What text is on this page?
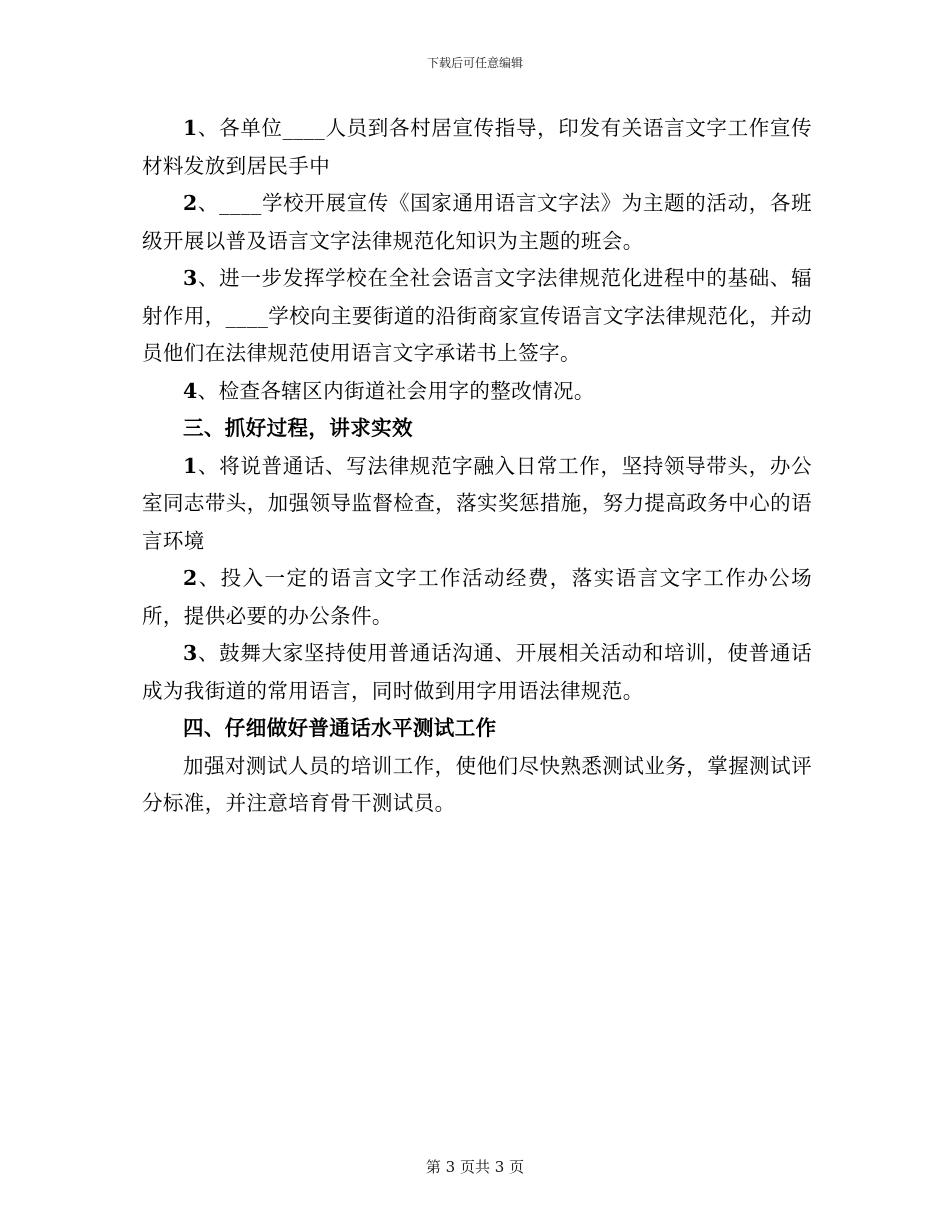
下载后可任意编辑

1、各单位____人员到各村居宣传指导，印发有关语言文字工作宣传材料发放到居民手中

2、____学校开展宣传《国家通用语言文字法》为主题的活动，各班级开展以普及语言文字法律规范化知识为主题的班会。

3、进一步发挥学校在全社会语言文字法律规范化进程中的基础、辐射作用，____学校向主要街道的沿街商家宣传语言文字法律规范化，并动员他们在法律规范使用语言文字承诺书上签字。

4、检查各辖区内街道社会用字的整改情况。

三、抓好过程，讲求实效

1、将说普通话、写法律规范字融入日常工作，坚持领导带头，办公室同志带头，加强领导监督检查，落实奖惩措施，努力提高政务中心的语言环境

2、投入一定的语言文字工作活动经费，落实语言文字工作办公场所，提供必要的办公条件。

3、鼓舞大家坚持使用普通话沟通、开展相关活动和培训，使普通话成为我街道的常用语言，同时做到用字用语法律规范。

四、仔细做好普通话水平测试工作

加强对测试人员的培训工作，使他们尽快熟悉测试业务，掌握测试评分标准，并注意培育骨干测试员。

第 3 页共 3 页
